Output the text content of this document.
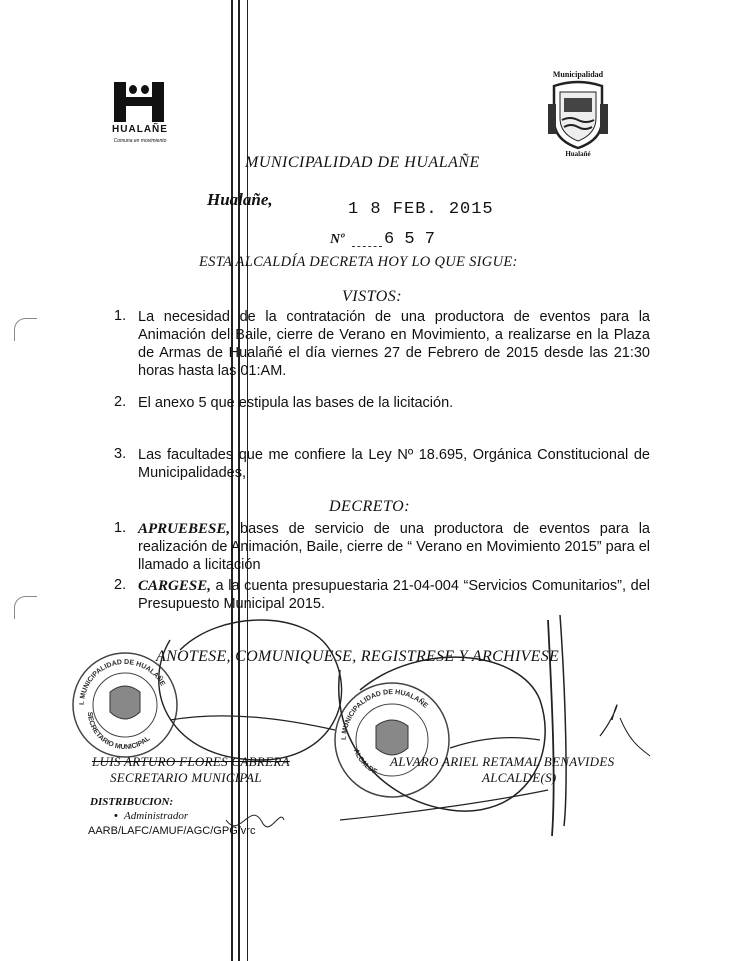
HUALAÑE
Comuna en movimiento
Municipalidad
Hualañé
MUNICIPALIDAD DE HUALAÑE
Hualañe,
1 8 FEB. 2015
Nº 6 5 7
ESTA ALCALDÍA DECRETA HOY LO QUE SIGUE:
VISTOS:
1. La necesidad de la contratación de una productora de eventos para la Animación del Baile, cierre de Verano en Movimiento, a realizarse en la Plaza de Armas de Hualañé el día viernes 27 de Febrero de 2015 desde las 21:30 horas hasta las 01:AM.
2. El anexo 5 que estipula las bases de la licitación.
3. Las facultades que me confiere la Ley Nº 18.695, Orgánica Constitucional de Municipalidades,
DECRETO:
1. APRUEBESE, bases de servicio de una productora de eventos para la realización de Animación, Baile, cierre de “ Verano en Movimiento 2015” para el llamado a licitación
2. CARGESE, a la cuenta presupuestaria 21-04-004 “Servicios Comunitarios”, del Presupuesto Municipal 2015.
ANOTESE, COMUNIQUESE, REGISTRESE Y ARCHIVESE
I. MUNICIPALIDAD DE HUALAÑE
SECRETARIO MUNICIPAL	I. MUNICIPALIDAD DE HUALAÑE
ALCALDE
LUIS ARTURO FLORES CABRERA
SECRETARIO MUNICIPAL
ALVARO ARIEL RETAMAL BENAVIDES
ALCALDE(S)
DISTRIBUCION:
•  Administrador
AARB/LAFC/AMUF/AGC/GPG/vrc
